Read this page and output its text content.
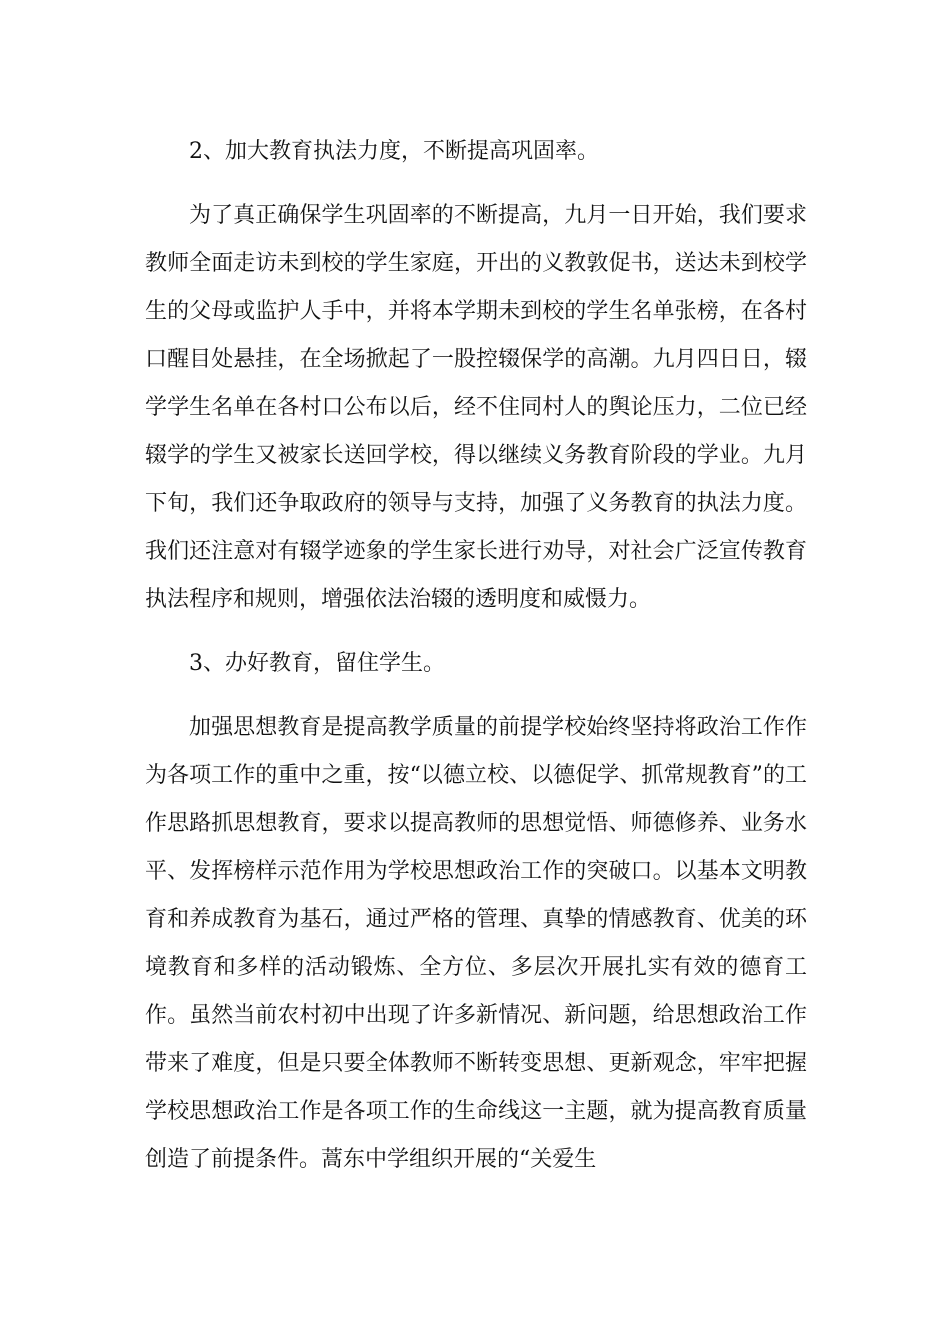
2、加大教育执法力度，不断提高巩固率。

为了真正确保学生巩固率的不断提高，九月一日开始，我们要求教师全面走访未到校的学生家庭，开出的义教敦促书，送达未到校学生的父母或监护人手中，并将本学期未到校的学生名单张榜，在各村口醒目处悬挂，在全场掀起了一股控辍保学的高潮。九月四日日，辍学学生名单在各村口公布以后，经不住同村人的舆论压力，二位已经辍学的学生又被家长送回学校，得以继续义务教育阶段的学业。九月下旬，我们还争取政府的领导与支持，加强了义务教育的执法力度。我们还注意对有辍学迹象的学生家长进行劝导，对社会广泛宣传教育执法程序和规则，增强依法治辍的透明度和威慑力。

3、办好教育，留住学生。

加强思想教育是提高教学质量的前提学校始终坚持将政治工作作为各项工作的重中之重，按“以德立校、以德促学、抓常规教育”的工作思路抓思想教育，要求以提高教师的思想觉悟、师德修养、业务水平、发挥榜样示范作用为学校思想政治工作的突破口。以基本文明教育和养成教育为基石，通过严格的管理、真挚的情感教育、优美的环境教育和多样的活动锻炼、全方位、多层次开展扎实有效的德育工作。虽然当前农村初中出现了许多新情况、新问题，给思想政治工作带来了难度，但是只要全体教师不断转变思想、更新观念，牢牢把握学校思想政治工作是各项工作的生命线这一主题，就为提高教育质量创造了前提条件。蒿东中学组织开展的“关爱生
